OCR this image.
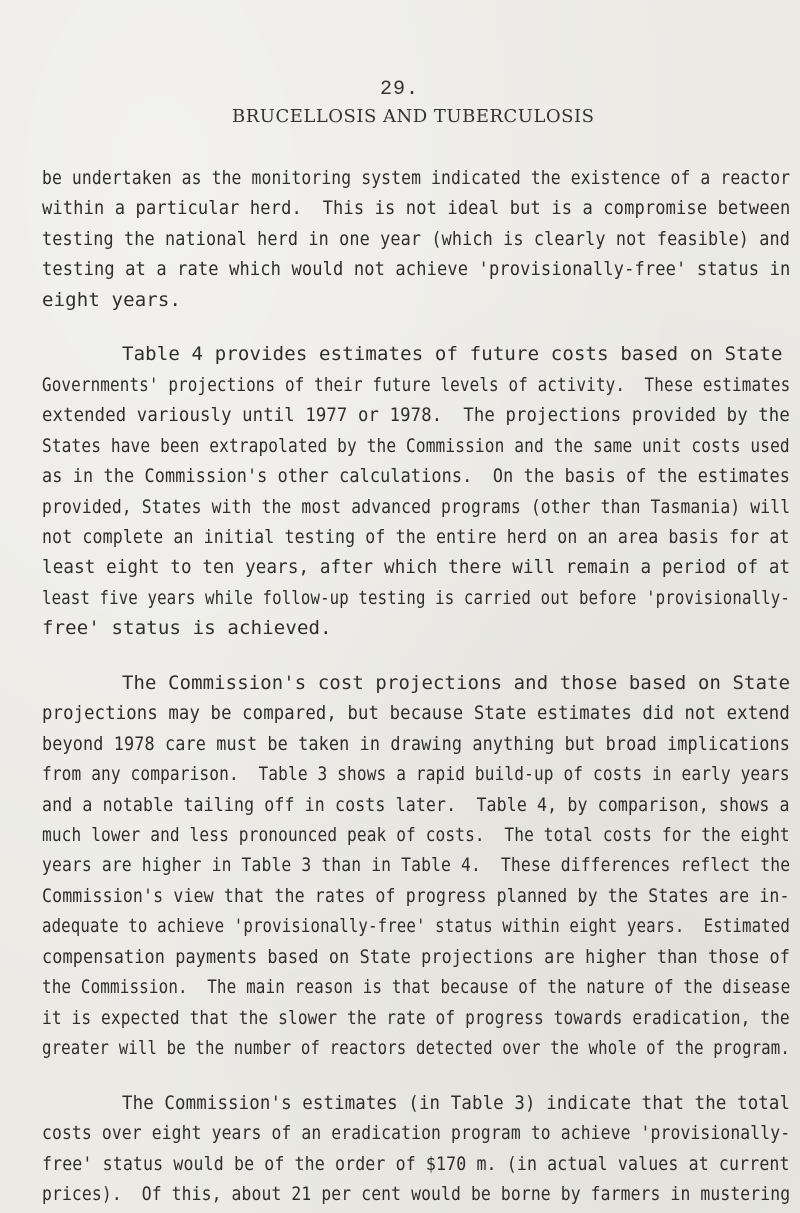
29.
BRUCELLOSIS AND TUBERCULOSIS
be undertaken as the monitoring system indicated the existence of a reactor
within a particular herd.  This is not ideal but is a compromise between
testing the national herd in one year (which is clearly not feasible) and
testing at a rate which would not achieve 'provisionally-free' status in
eight years.
Table 4 provides estimates of future costs based on State
Governments' projections of their future levels of activity.  These estimates
extended variously until 1977 or 1978.  The projections provided by the
States have been extrapolated by the Commission and the same unit costs used
as in the Commission's other calculations.  On the basis of the estimates
provided, States with the most advanced programs (other than Tasmania) will
not complete an initial testing of the entire herd on an area basis for at
least eight to ten years, after which there will remain a period of at
least five years while follow-up testing is carried out before 'provisionally-
free' status is achieved.
The Commission's cost projections and those based on State
projections may be compared, but because State estimates did not extend
beyond 1978 care must be taken in drawing anything but broad implications
from any comparison.  Table 3 shows a rapid build-up of costs in early years
and a notable tailing off in costs later.  Table 4, by comparison, shows a
much lower and less pronounced peak of costs.  The total costs for the eight
years are higher in Table 3 than in Table 4.  These differences reflect the
Commission's view that the rates of progress planned by the States are in-
adequate to achieve 'provisionally-free' status within eight years.  Estimated
compensation payments based on State projections are higher than those of
the Commission.  The main reason is that because of the nature of the disease
it is expected that the slower the rate of progress towards eradication, the
greater will be the number of reactors detected over the whole of the program.
The Commission's estimates (in Table 3) indicate that the total
costs over eight years of an eradication program to achieve 'provisionally-
free' status would be of the order of $170 m. (in actual values at current
prices).  Of this, about 21 per cent would be borne by farmers in mustering
